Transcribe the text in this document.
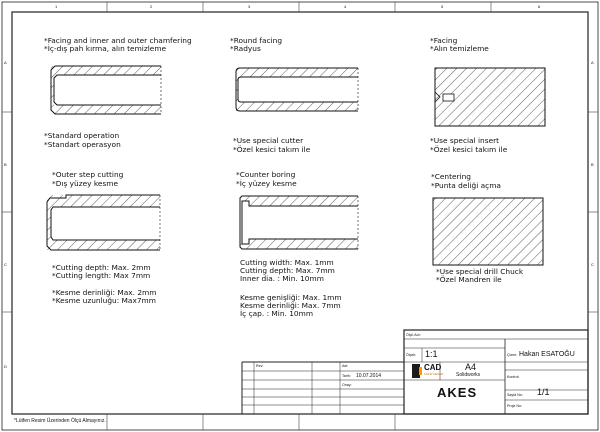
1	2	3	4	5	6
A
B
C
D
A
B
C
*Facing and inner and outer chamfering
*İç-dış pah kırma, alın temizleme
*Standard operation
*Standart operasyon
*Round facing
*Radyus
*Use special cutter
*Özel kesici takım ile
*Facing
*Alın temizleme
*Use special insert
*Özel kesici takım ile
*Outer step cutting
*Dış yüzey kesme
*Cutting depth: Max. 2mm
*Cutting length: Max 7mm
*Kesme derinliği: Max. 2mm
*Kesme uzunluğu: Max7mm
*Counter boring
*İç yüzey kesme
Cutting width: Max. 1mm
Cutting depth: Max. 7mm
Inner dia. : Min. 10mm
Kesme genişliği: Max. 1mm
Kesme derinliği: Max. 7mm
İç çap. : Min. 10mm
*Centering
*Punta deliği açma
*Use special drill Chuck
*Özel Mandren ile
Ölçü Adı:
Ölçek: 1:1
A4
Solidworks
CAD
KALIP HESAP
Çizen: Hakan ESATOĞU
Kontrol:
Sayfa No: 1/1
Proje No:
Adı:
Tarih: 10.07.2014
Onay:
Rev:
AKES
*Lütfen Resim Üzerinden Ölçü Almayınız.
